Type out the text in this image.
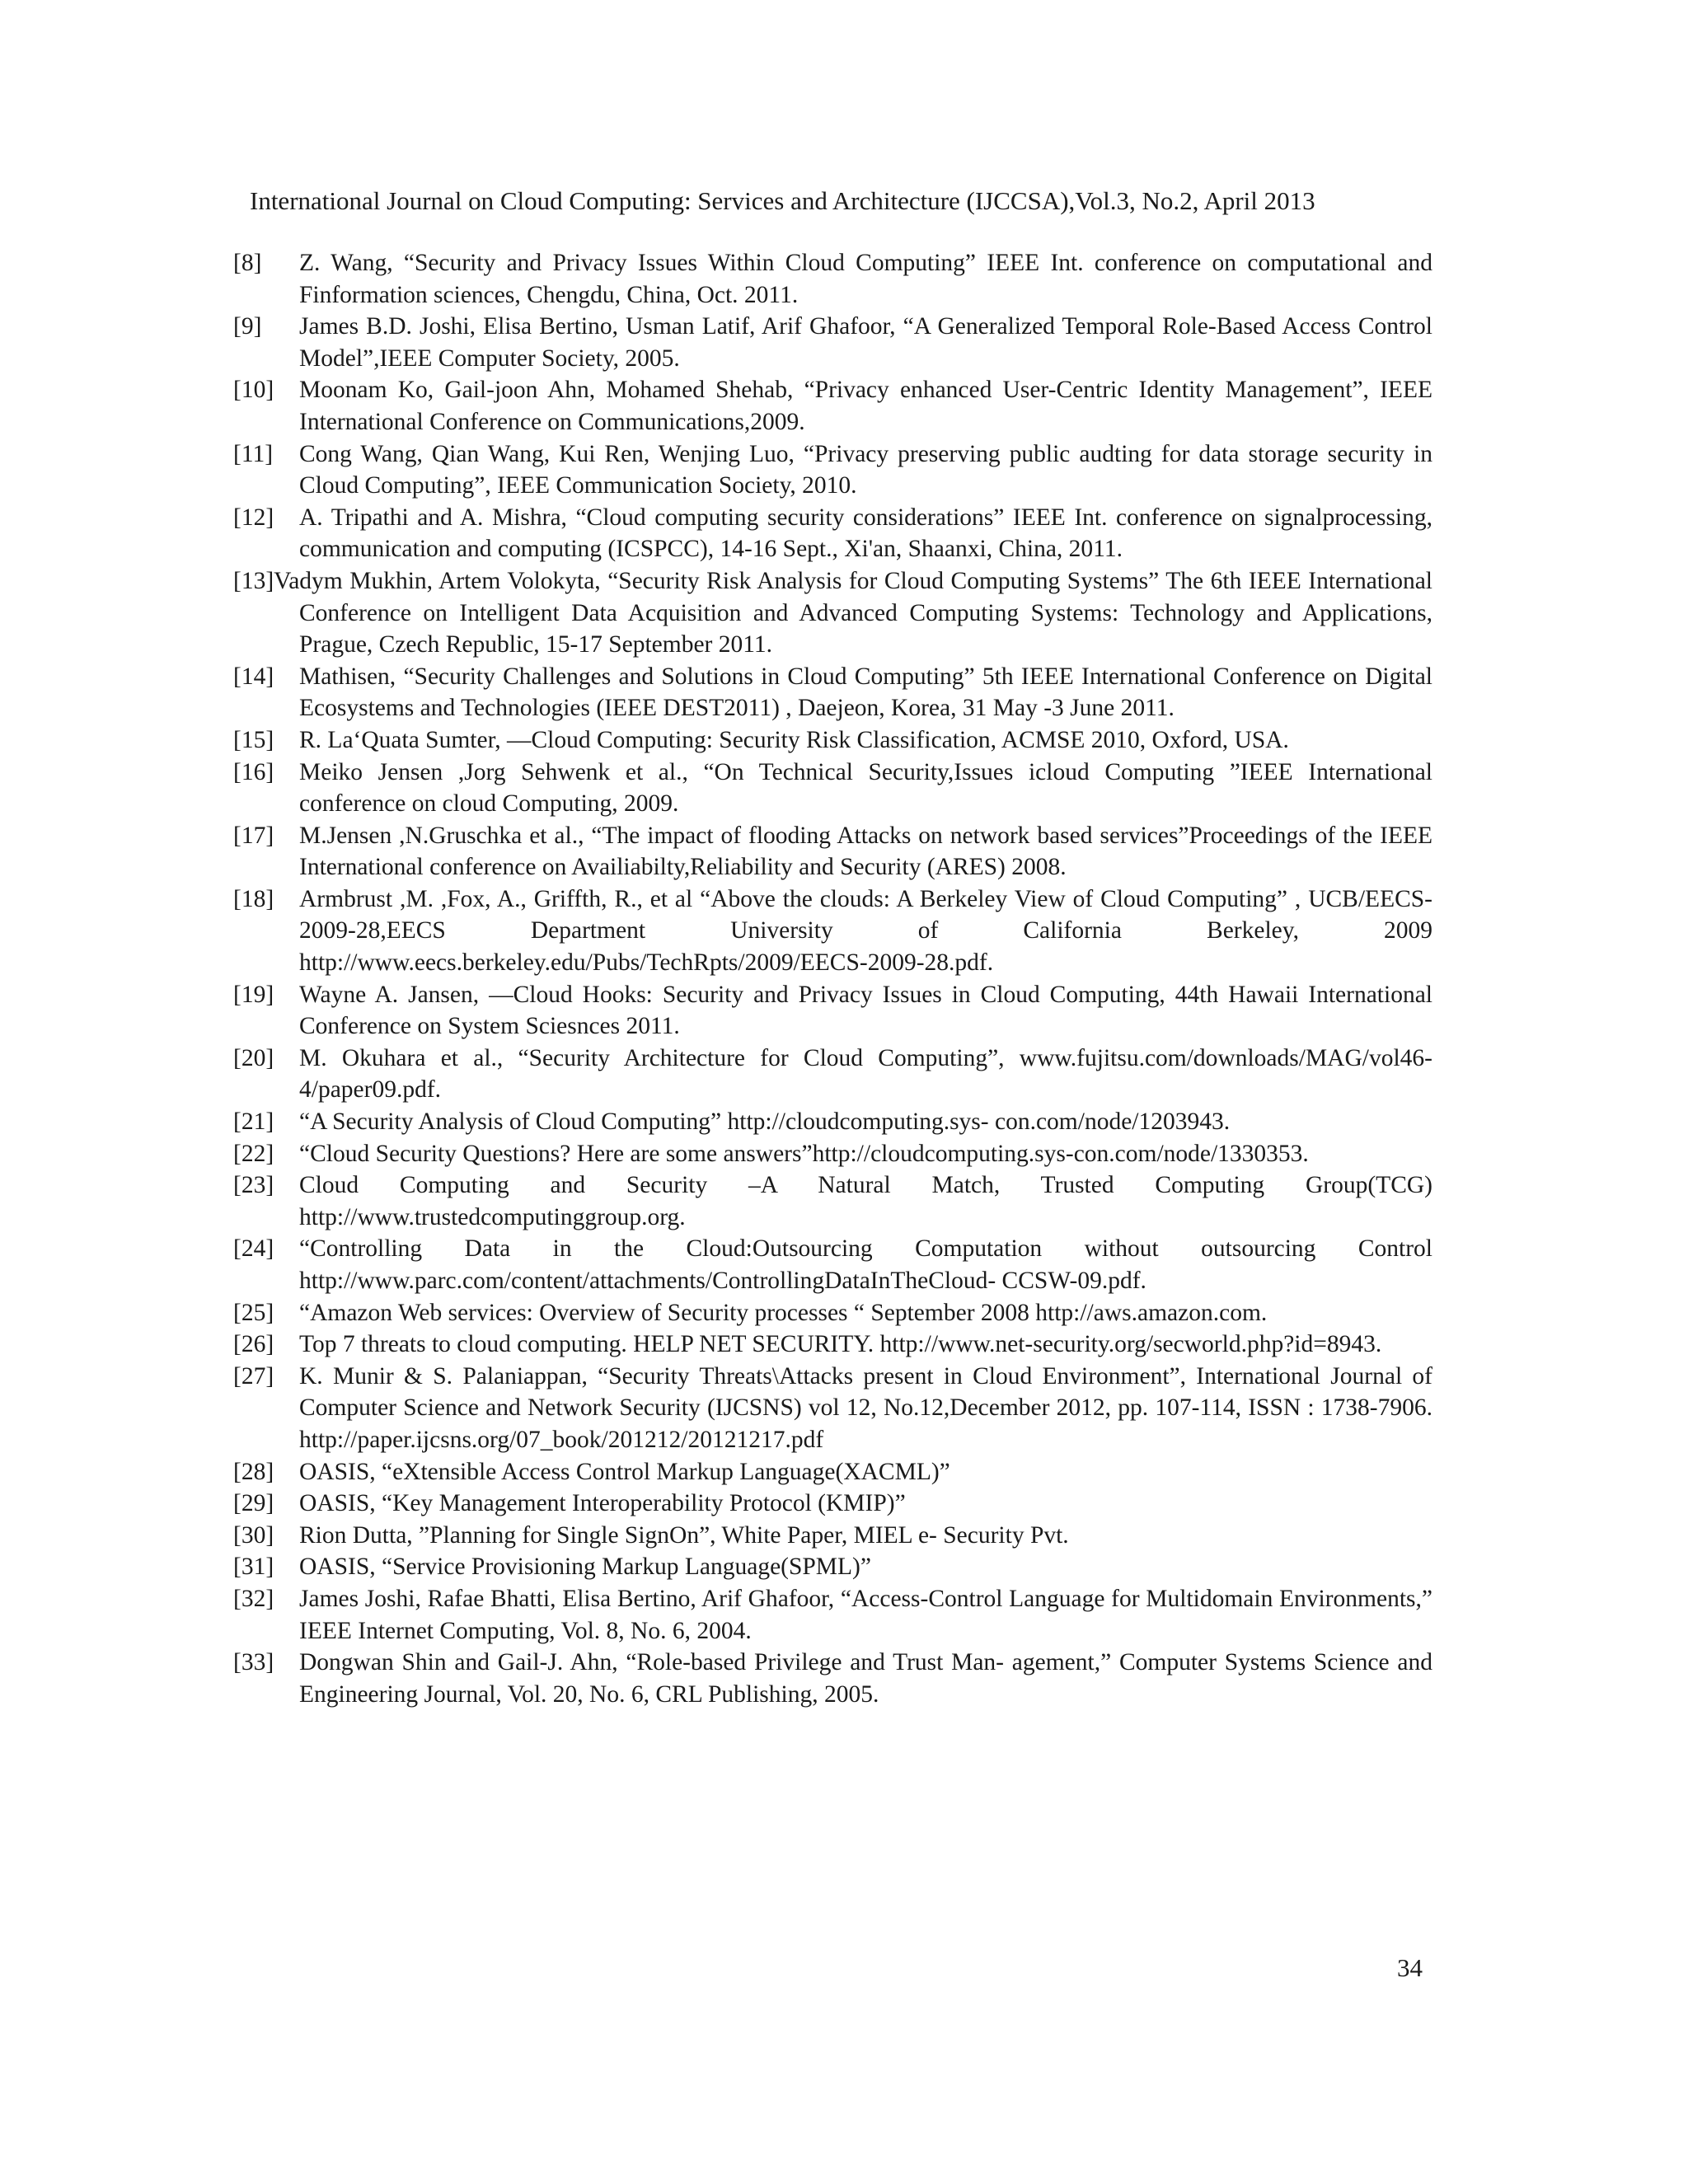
International Journal on Cloud Computing: Services and Architecture (IJCCSA),Vol.3, No.2, April 2013
[8]	Z. Wang, “Security and Privacy Issues Within Cloud Computing” IEEE Int. conference on computational and Finformation sciences, Chengdu, China, Oct. 2011.
[9]	James B.D. Joshi, Elisa Bertino, Usman Latif, Arif Ghafoor, “A Generalized Temporal Role-Based Access Control Model”,IEEE Computer Society, 2005.
[10]	Moonam Ko, Gail-joon Ahn, Mohamed Shehab, “Privacy enhanced User-Centric Identity Management”, IEEE International Conference on Communications,2009.
[11]	Cong Wang, Qian Wang, Kui Ren, Wenjing Luo, “Privacy preserving public audting for data storage security in Cloud Computing”, IEEE Communication Society, 2010.
[12]	A. Tripathi and A. Mishra, “Cloud computing security considerations” IEEE Int. conference on signalprocessing, communication and computing (ICSPCC), 14-16 Sept., Xi'an, Shaanxi, China, 2011.
[13]Vadym Mukhin, Artem Volokyta, “Security Risk Analysis for Cloud Computing Systems” The 6th IEEE International Conference on Intelligent Data Acquisition and Advanced Computing Systems: Technology and Applications, Prague, Czech Republic, 15-17 September 2011.
[14]	Mathisen, “Security Challenges and Solutions in Cloud Computing” 5th IEEE International Conference on Digital Ecosystems and Technologies (IEEE DEST2011) , Daejeon, Korea, 31 May -3 June 2011.
[15]	R. La‘Quata Sumter, ―Cloud Computing: Security Risk Classification, ACMSE 2010, Oxford, USA.
[16]	Meiko Jensen ,Jorg Sehwenk et al., “On Technical Security,Issues icloud Computing ”IEEE International conference on cloud Computing, 2009.
[17]	M.Jensen ,N.Gruschka et al., “The impact of flooding Attacks on network based services”Proceedings of the IEEE International conference on Availiabilty,Reliability and Security (ARES) 2008.
[18]	Armbrust ,M. ,Fox, A., Griffth, R., et al “Above the clouds: A Berkeley View of Cloud Computing” , UCB/EECS-2009-28,EECS Department University of California Berkeley, 2009 http://www.eecs.berkeley.edu/Pubs/TechRpts/2009/EECS-2009-28.pdf.
[19]	Wayne A. Jansen, ―Cloud Hooks: Security and Privacy Issues in Cloud Computing, 44th Hawaii International Conference on System Sciesnces 2011.
[20]	M. Okuhara et al., “Security Architecture for Cloud Computing”, www.fujitsu.com/downloads/MAG/vol46-4/paper09.pdf.
[21]	“A Security Analysis of Cloud Computing” http://cloudcomputing.sys- con.com/node/1203943.
[22]	“Cloud Security Questions? Here are some answers”http://cloudcomputing.sys-con.com/node/1330353.
[23]	Cloud Computing and Security –A Natural Match, Trusted Computing Group(TCG) http://www.trustedcomputinggroup.org.
[24]	“Controlling Data in the Cloud:Outsourcing Computation without outsourcing Control http://www.parc.com/content/attachments/ControllingDataInTheCloud- CCSW-09.pdf.
[25]	“Amazon Web services: Overview of Security processes “ September 2008 http://aws.amazon.com.
[26]	Top 7 threats to cloud computing. HELP NET SECURITY. http://www.net-security.org/secworld.php?id=8943.
[27]	K. Munir & S. Palaniappan, “Security Threats\Attacks present in Cloud Environment”, International Journal of Computer Science and Network Security (IJCSNS) vol 12, No.12,December 2012, pp. 107-114, ISSN : 1738-7906. http://paper.ijcsns.org/07_book/201212/20121217.pdf
[28]	OASIS, “eXtensible Access Control Markup Language(XACML)”
[29]	OASIS, “Key Management Interoperability Protocol (KMIP)”
[30]	Rion Dutta, ”Planning for Single SignOn”, White Paper, MIEL e- Security Pvt.
[31]	OASIS, “Service Provisioning Markup Language(SPML)”
[32]	James Joshi, Rafae Bhatti, Elisa Bertino, Arif Ghafoor, “Access-Control Language for Multidomain Environments,” IEEE Internet Computing, Vol. 8, No. 6, 2004.
[33]	Dongwan Shin and Gail-J. Ahn, “Role-based Privilege and Trust Man- agement,” Computer Systems Science and Engineering Journal, Vol. 20, No. 6, CRL Publishing, 2005.
34
